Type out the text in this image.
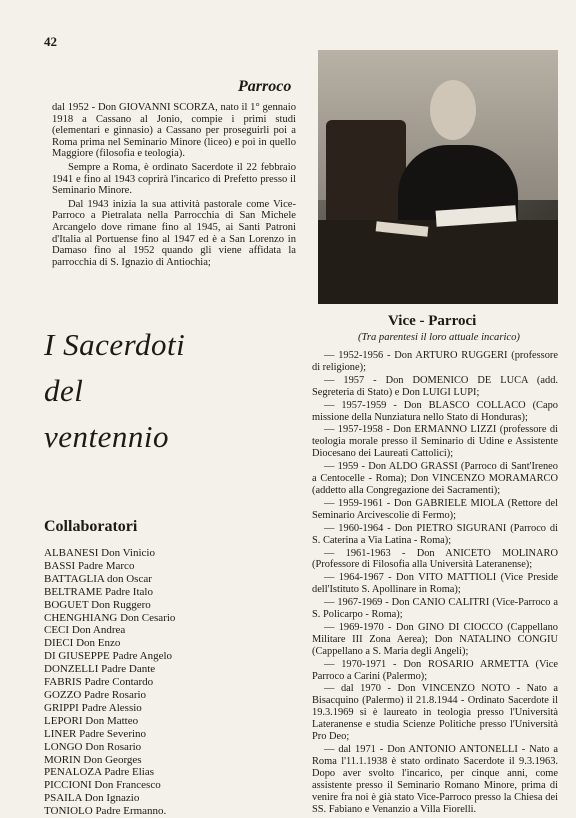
42
Parroco

dal 1952 - Don GIOVANNI SCORZA, nato il 1° gennaio 1918 a Cassano al Jonio, compie i primi studi (elementari e ginnasio) a Cassano per proseguirli poi a Roma prima nel Seminario Minore (liceo) e poi in quello Maggiore (filosofia e teologia).

Sempre a Roma, è ordinato Sacerdote il 22 febbraio 1941 e fino al 1943 coprirà l'incarico di Prefetto presso il Seminario Minore.

Dal 1943 inizia la sua attività pastorale come Vice-Parroco a Pietralata nella Parrocchia di San Michele Arcangelo dove rimane fino al 1945, ai Santi Patroni d'Italia al Portuense fino al 1947 ed è a San Lorenzo in Damaso fino al 1952 quando gli viene affidata la parrocchia di S. Ignazio di Antiochia;

I Sacerdoti
del
ventennio
Collaboratori
ALBANESI Don Vinicio
BASSI Padre Marco
BATTAGLIA don Oscar
BELTRAME Padre Italo
BOGUET Don Ruggero
CHENGHIANG Don Cesario
CECI Don Andrea
DIECI Don Enzo
DI GIUSEPPE Padre Angelo
DONZELLI Padre Dante
FABRIS Padre Contardo
GOZZO Padre Rosario
GRIPPI Padre Alessio
LEPORI Don Matteo
LINER Padre Severino
LONGO Don Rosario
MORIN Don Georges
PENALOZA Padre Elias
PICCIONI Don Francesco
PSAILA Don Ignazio
TONIOLO Padre Ermanno.
Vice - Parroci
(Tra parentesi il loro attuale incarico)
— 1952-1956 - Don ARTURO RUGGERI (professore di religione);
— 1957 - Don DOMENICO DE LUCA (add. Segreteria di Stato) e Don LUIGI LUPI;
— 1957-1959 - Don BLASCO COLLACO (Capo missione della Nunziatura nello Stato di Honduras);
— 1957-1958 - Don ERMANNO LIZZI (professore di teologia morale presso il Seminario di Udine e Assistente Diocesano dei Laureati Cattolici);
— 1959 - Don ALDO GRASSI (Parroco di Sant'Ireneo a Centocelle - Roma); Don VINCENZO MORAMARCO (addetto alla Congregazione dei Sacramenti);
— 1959-1961 - Don GABRIELE MIOLA (Rettore del Seminario Arcivescolie di Fermo);
— 1960-1964 - Don PIETRO SIGURANI (Parroco di S. Caterina a Via Latina - Roma);
— 1961-1963 - Don ANICETO MOLINARO (Professore di Filosofia alla Università Lateranense);
— 1964-1967 - Don VITO MATTIOLI (Vice Preside dell'Istituto S. Apollinare in Roma);
— 1967-1969 - Don CANIO CALITRI (Vice-Parroco a S. Policarpo - Roma);
— 1969-1970 - Don GINO DI CIOCCO (Cappellano Militare III Zona Aerea); Don NATALINO CONGIU (Cappellano a S. Maria degli Angeli);
— 1970-1971 - Don ROSARIO ARMETTA (Vice Parroco a Carini (Palermo);
— dal 1970 - Don VINCENZO NOTO - Nato a Bisacquino (Palermo) il 21.8.1944 - Ordinato Sacerdote il 19.3.1969 si è laureato in teologia presso l'Università Lateranense e studia Scienze Politiche presso l'Università Pro Deo;
— dal 1971 - Don ANTONIO ANTONELLI - Nato a Roma l'11.1.1938 è stato ordinato Sacerdote il 9.3.1963. Dopo aver svolto l'incarico, per cinque anni, come assistente presso il Seminario Romano Minore, prima di venire fra noi è già stato Vice-Parroco presso la Chiesa dei SS. Fabiano e Venanzio a Villa Fiorelli.
